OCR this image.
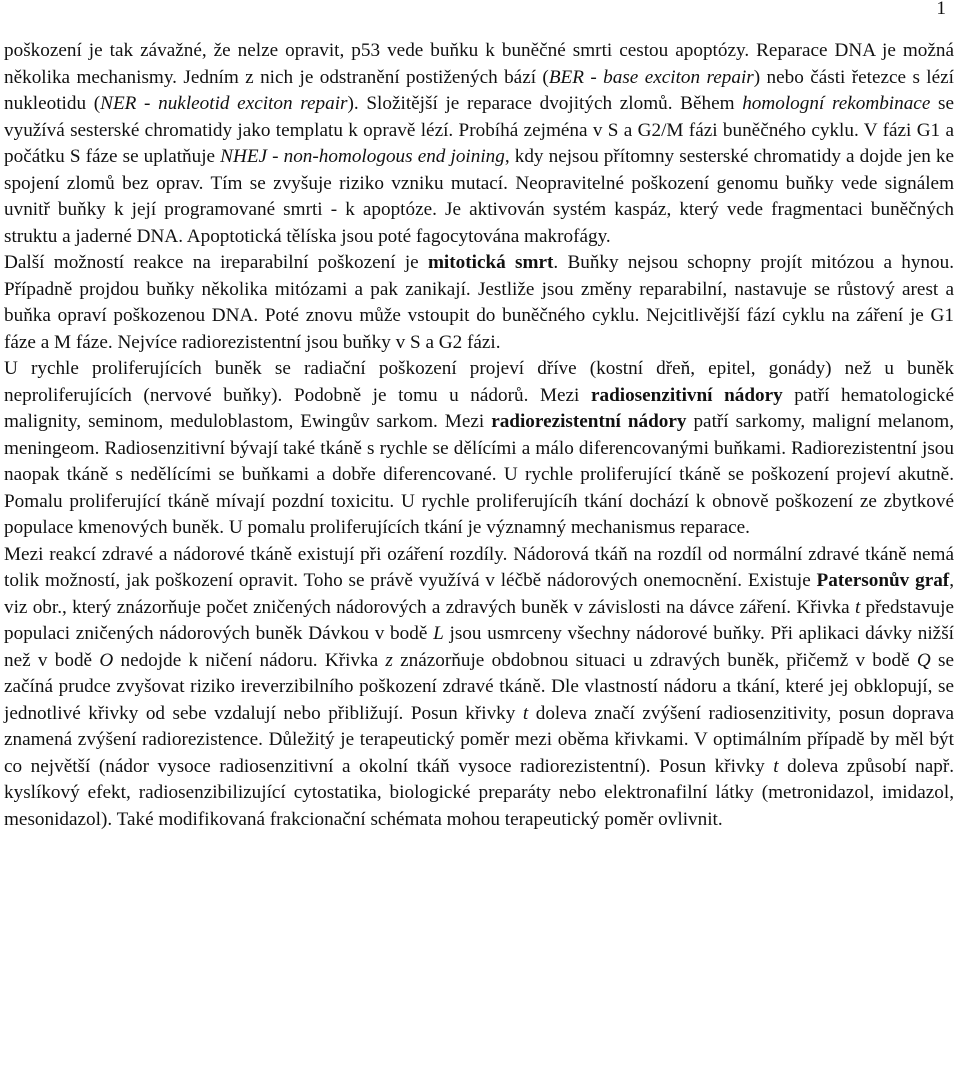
1

poškození je tak závažné, že nelze opravit, p53 vede buňku k buněčné smrti cestou apoptózy. Reparace DNA je možná několika mechanismy. Jedním z nich je odstranění postižených bází (BER - base exciton repair) nebo části řetezce s lézí nukleotidu (NER - nukleotid exciton repair). Složitější je reparace dvojitých zlomů. Během homologní rekombinace se využívá sesterské chromatidy jako templatu k opravě lézí. Probíhá zejména v S a G2/M fázi buněčného cyklu. V fázi G1 a počátku S fáze se uplatňuje NHEJ - non-homologous end joining, kdy nejsou přítomny sesterské chromatidy a dojde jen ke spojení zlomů bez oprav. Tím se zvyšuje riziko vzniku mutací. Neopravitelné poškození genomu buňky vede signálem uvnitř buňky k její programované smrti - k apoptóze. Je aktivován systém kaspáz, který vede fragmentaci buněčných struktu a jaderné DNA. Apoptotická tělíska jsou poté fagocytována makrofágy.

Další možností reakce na ireparabilní poškození je mitotická smrt. Buňky nejsou schopny projít mitózou a hynou. Případně projdou buňky několika mitózami a pak zanikají. Jestliže jsou změny reparabilní, nastavuje se růstový arest a buňka opraví poškozenou DNA. Poté znovu může vstoupit do buněčného cyklu. Nejcitlivější fází cyklu na záření je G1 fáze a M fáze. Nejvíce radiorezistentní jsou buňky v S a G2 fázi.

U rychle proliferujících buněk se radiační poškození projeví dříve (kostní dřeň, epitel, gonády) než u buněk neproliferujících (nervové buňky). Podobně je tomu u nádorů. Mezi radiosenzitivní nádory patří hematologické malignity, seminom, meduloblastom, Ewingův sarkom. Mezi radiorezistentní nádory patří sarkomy, maligní melanom, meningeom. Radiosenzitivní bývají také tkáně s rychle se dělícími a málo diferencovanými buňkami. Radiorezistentní jsou naopak tkáně s nedělícími se buňkami a dobře diferencované. U rychle proliferující tkáně se poškození projeví akutně. Pomalu proliferující tkáně mívají pozdní toxicitu. U rychle proliferujícíh tkání dochází k obnově poškození ze zbytkové populace kmenových buněk. U pomalu proliferujících tkání je významný mechanismus reparace.

Mezi reakcí zdravé a nádorové tkáně existují při ozáření rozdíly. Nádorová tkáň na rozdíl od normální zdravé tkáně nemá tolik možností, jak poškození opravit. Toho se právě využívá v léčbě nádorových onemocnění. Existuje Patersonův graf, viz obr., který znázorňuje počet zničených nádorových a zdravých buněk v závislosti na dávce záření. Křivka t představuje populaci zničených nádorových buněk Dávkou v bodě L jsou usmrceny všechny nádorové buňky. Při aplikaci dávky nižší než v bodě O nedojde k ničení nádoru. Křivka z znázorňuje obdobnou situaci u zdravých buněk, přičemž v bodě Q se začíná prudce zvyšovat riziko ireverzibilního poškození zdravé tkáně. Dle vlastností nádoru a tkání, které jej obklopují, se jednotlivé křivky od sebe vzdalují nebo přibližují. Posun křivky t doleva značí zvýšení radiosenzitivity, posun doprava znamená zvýšení radiorezistence. Důležitý je terapeutický poměr mezi oběma křivkami. V optimálním případě by měl být co největší (nádor vysoce radiosenzitivní a okolní tkáň vysoce radiorezistentní). Posun křivky t doleva způsobí např. kyslíkový efekt, radiosenzibilizující cytostatika, biologické preparáty nebo elektronafilní látky (metronidazol, imidazol, mesonidazol). Také modifikovaná frakcionační schémata mohou terapeutický poměr ovlivnit.
